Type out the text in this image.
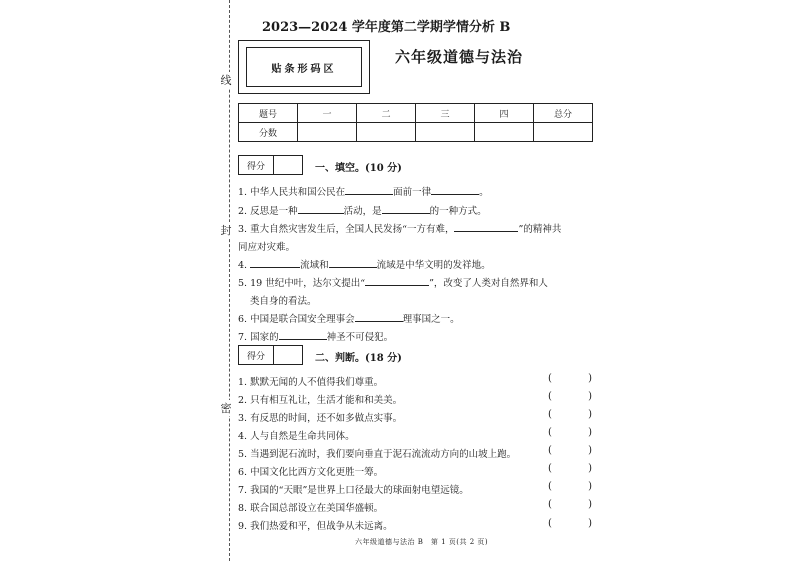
线
封
密
2023—2024 学年度第二学期学情分析 B
贴条形码区
六年级道德与法治
题号	一	二	三	四	总分
分数					
得分	一、填空。(10 分)
1. 中华人民共和国公民在	面前一律	。
2. 反思是一种	活动，是	的一种方式。
3. 重大自然灾害发生后，全国人民发扬“一方有难，	”的精神共
同应对灾难。
4.	流域和	流域是中华文明的发祥地。
5. 19 世纪中叶，达尔文提出“	”，改变了人类对自然界和人
类自身的看法。
6. 中国是联合国安全理事会	理事国之一。
7. 国家的	神圣不可侵犯。
得分	二、判断。(18 分)
1. 默默无闻的人不值得我们尊重。	(	)
2. 只有相互礼让，生活才能和和美美。	(	)
3. 有反思的时间，还不如多做点实事。	(	)
4. 人与自然是生命共同体。	(	)
5. 当遇到泥石流时，我们要向垂直于泥石流流动方向的山坡上跑。	(	)
6. 中国文化比西方文化更胜一筹。	(	)
7. 我国的“天眼”是世界上口径最大的球面射电望远镜。	(	)
8. 联合国总部设立在美国华盛顿。	(	)
9. 我们热爱和平，但战争从未远离。	(	)
六年级道德与法治 B　第 1 页(共 2 页)
